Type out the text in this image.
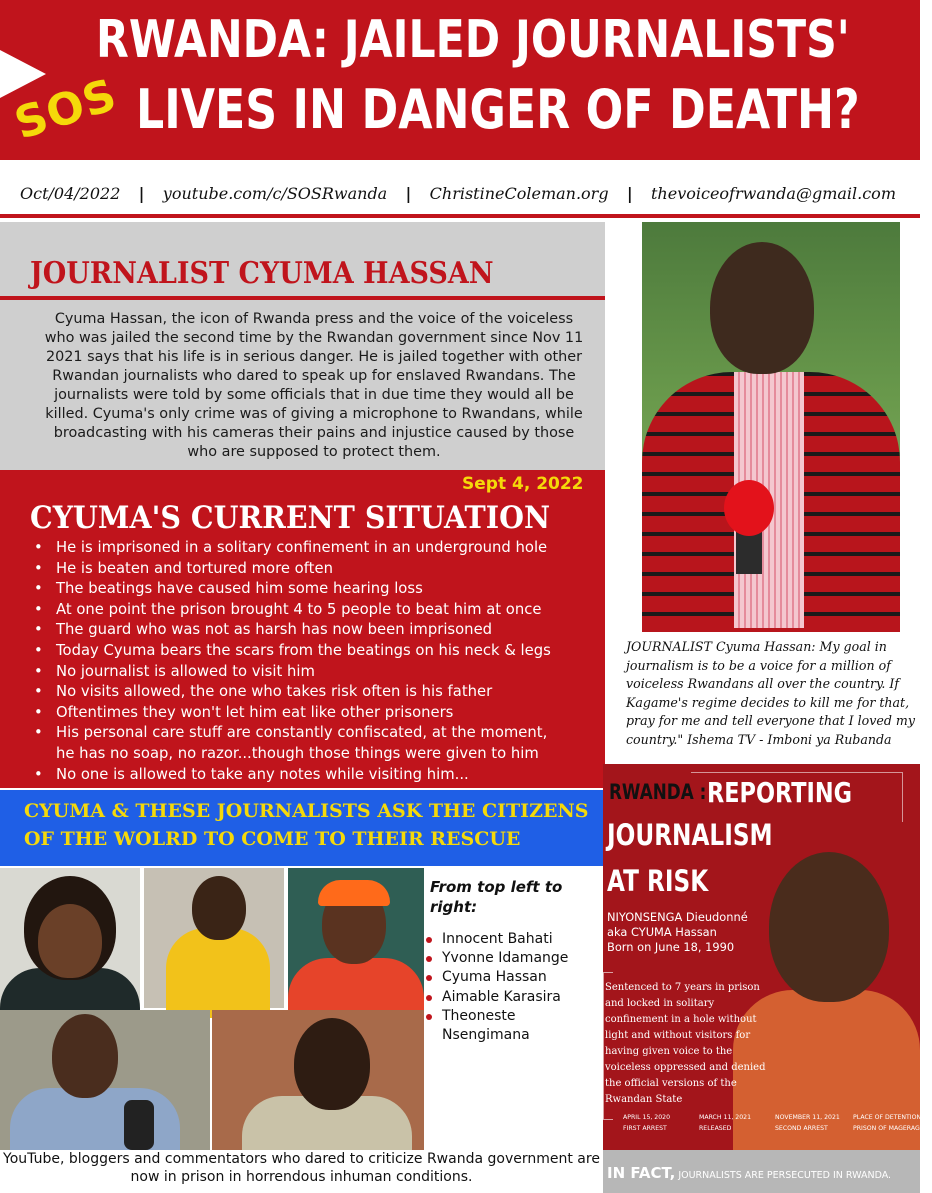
SOS
RWANDA: JAILED JOURNALISTS'
LIVES IN DANGER OF DEATH?
Oct/04/2022 | youtube.com/c/SOSRwanda | ChristineColeman.org | thevoiceofrwanda@gmail.com
JOURNALIST CYUMA HASSAN
Cyuma Hassan, the icon of Rwanda press and the voice of the voiceless who was jailed the second time by the Rwandan government since Nov 11 2021 says that his life is in serious danger. He is jailed together with other Rwandan journalists who dared to speak up for enslaved Rwandans. The journalists were told by some officials that in due time they would all be killed. Cyuma's only crime was of giving a microphone to Rwandans, while broadcasting with his cameras their pains and injustice caused by those who are supposed to protect them.
Sept 4, 2022
CYUMA'S CURRENT SITUATION
• He is imprisoned in a solitary confinement in an underground hole
• He is beaten and tortured more often
• The beatings have caused him some hearing loss
• At one point the prison brought 4 to 5 people to beat him at once
• The guard who was not as harsh has now been imprisoned
• Today Cyuma bears the scars from the beatings on his neck & legs
• No journalist is allowed to visit him
• No visits allowed, the one who takes risk often is his father
• Oftentimes they won't let him eat like other prisoners
• His personal care stuff are constantly confiscated, at the moment,
he has no soap, no razor...though those things were given to him
• No one is allowed to take any notes while visiting him...
CYUMA & THESE JOURNALISTS ASK THE CITIZENS
OF THE WOLRD TO COME TO THEIR RESCUE
JOURNALIST Cyuma Hassan: My goal in journalism is to be a voice for a million of voiceless Rwandans all over the country. If Kagame's regime decides to kill me for that, pray for me and tell everyone that I loved my country." Ishema TV - Imboni ya Rubanda
RWANDA : REPORTING
JOURNALISM
AT RISK
NIYONSENGA Dieudonné
aka CYUMA Hassan
Born on June 18, 1990
Sentenced to 7 years in prison and locked in solitary confinement in a hole without light and without visitors for having given voice to the voiceless oppressed and denied the official versions of the Rwandan State
APRIL 15, 2020
FIRST ARREST
MARCH 11, 2021
RELEASED
NOVEMBER 11, 2021
SECOND ARREST
PLACE OF DETENTION
PRISON OF MAGERAGERE
IN FACT, JOURNALISTS ARE PERSECUTED IN RWANDA.
From top left to right:
Innocent Bahati
Yvonne Idamange
Cyuma Hassan
Aimable Karasira
Theoneste Nsengimana
YouTube, bloggers and commentators who dared to criticize Rwanda government are now in prison in horrendous inhuman conditions.
